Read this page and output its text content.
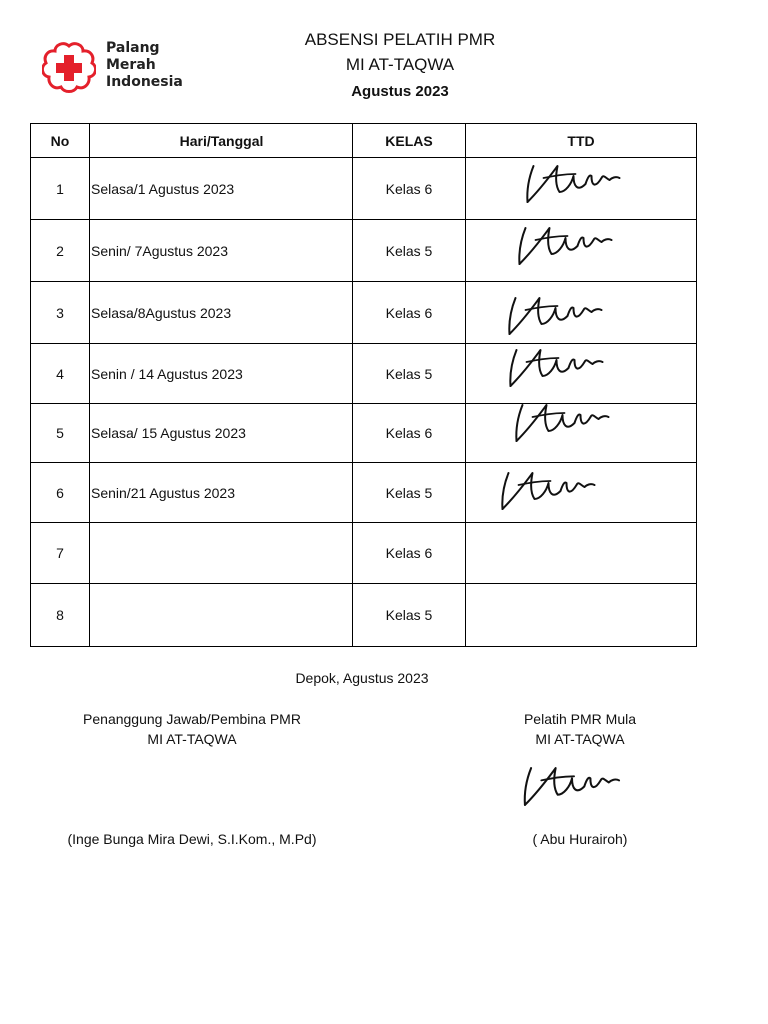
Palang
Merah
Indonesia
ABSENSI PELATIH PMR
MI AT-TAQWA
Agustus 2023
No	Hari/Tanggal	KELAS	TTD
1	Selasa/1 Agustus 2023	Kelas 6	

2	Senin/ 7Agustus 2023	Kelas 5	

3	Selasa/8Agustus 2023	Kelas 6	

4	Senin / 14 Agustus 2023	Kelas 5	

5	Selasa/ 15 Agustus 2023	Kelas 6	

6	Senin/21 Agustus 2023	Kelas 5	

7		Kelas 6	
8		Kelas 5	
Depok, Agustus 2023
Penanggung Jawab/Pembina PMR
MI AT-TAQWA
(Inge Bunga Mira Dewi, S.I.Kom., M.Pd)
Pelatih PMR Mula
MI AT-TAQWA
( Abu Hurairoh)
